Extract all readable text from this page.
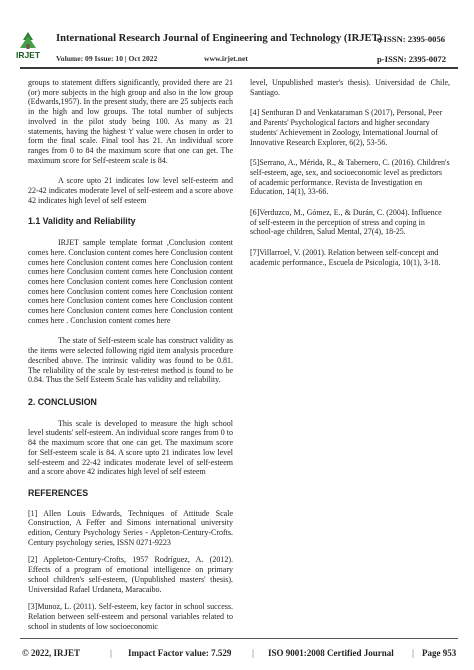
IRJET
International Research Journal of Engineering and Technology (IRJET)
e-ISSN: 2395-0056
Volume: 09 Issue: 10 | Oct 2022	www.irjet.net	p-ISSN: 2395-0072

groups to statement differs significantly, provided there are 21 (or) more subjects in the high group and also in the low group (Edwards,1957). In the present study, there are 25 subjects each in the high and low groups. The total number of subjects involved in the pilot study being 100. As many as 21 statements, having the highest 't' value were chosen in order to form the final scale. Final tool has 21. An individual score ranges from 0 to 84 the maximum score that one can get. The maximum score for Self-esteem scale is 84.

A score upto 21 indicates low level self-esteem and 22-42 indicates moderate level of self-esteem and a score above 42 indicates high level of self esteem

1.1 Validity and Reliability

IRJET sample template format ,Conclusion content comes here. Conclusion content comes here Conclusion content comes here Conclusion content comes here Conclusion content comes here Conclusion content comes here Conclusion content comes here Conclusion content comes here Conclusion content comes here Conclusion content comes here Conclusion content comes here Conclusion content comes here Conclusion content comes here Conclusion content comes here Conclusion content comes here . Conclusion content comes here

The state of Self-esteem scale has construct validity as the items were selected following rigid item analysis procedure described above. The intrinsic validity was found to be 0.81. The reliability of the scale by test-retest method is found to be 0.84. Thus the Self Esteem Scale has validity and reliability.

2. CONCLUSION

This scale is developed to measure the high school level students' self-esteem. An individual score ranges from 0 to 84 the maximum score that one can get. The maximum score for Self-esteem scale is 84. A score upto 21 indicates low level self-esteem and 22-42 indicates moderate level of self-esteem and a score above 42 indicates high level of self esteem

REFERENCES

[1] Allen Louis Edwards, Techniques of Attitude Scale Construction, A Feffer and Simons international university edition, Century Psychology Series - Appleton-Century-Crofts. Century psychology series, ISSN 0271-9223

[2] Appleton-Century-Crofts, 1957 Rodríguez, A. (2012). Effects of a program of emotional intelligence on primary school children's self-esteem, (Unpublished masters' thesis). Universidad Rafael Urdaneta, Maracaibo.

[3]Munoz, L. (2011). Self-esteem, key factor in school success. Relation between self-esteem and personal variables related to school in students of low socioeconomic

level, Unpublished master's thesis). Universidad de Chile, Santiago.

[4] Senthuran D and Venkataraman S (2017), Personal, Peer and Parents' Psychological factors and higher secondary students' Achievement in Zoology, International Journal of Innovative Research Explorer, 6(2), 53-56.

[5]Serrano, A., Mérida, R., & Tabernero, C. (2016). Children's self-esteem, age, sex, and socioeconomic level as predictors of academic performance. Revista de Investigation en Education, 14(1), 33-66.

[6]Verduzco, M., Gómez, E., & Durán, C. (2004). Influence of self-esteem in the perception of stress and coping in school-age children, Salud Mental, 27(4), 18-25.

[7]Villarroel, V. (2001). Relation between self-concept and academic performance., Escuela de Psicologia, 10(1), 3-18.

© 2022, IRJET	| Impact Factor value: 7.529 | ISO 9001:2008 Certified Journal | Page 953
